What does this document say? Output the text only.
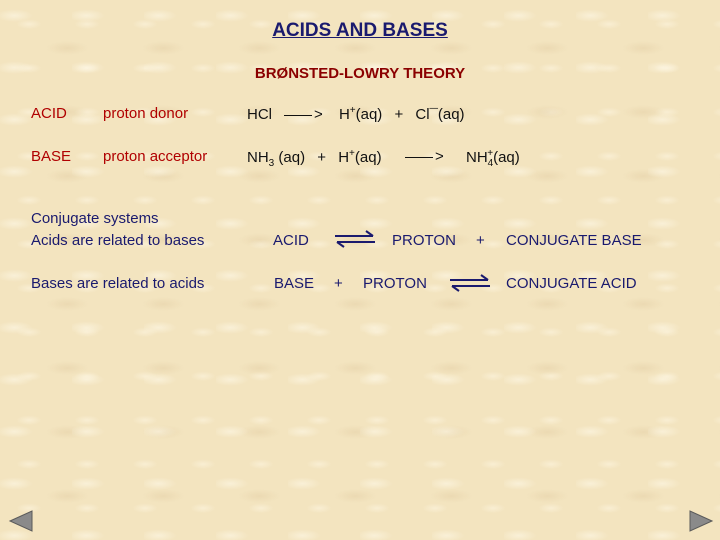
ACIDS AND BASES
BRØNSTED-LOWRY THEORY
ACID proton donor
BASE proton acceptor
HCl	> H+(aq) + Cl¯(aq)
$NH_3$ (aq) + H+(aq)	> $NH_4^+(aq)$
Conjugate systems
Acids are related to bases
Bases are related to acids
ACID ⇌ PROTON + CONJUGATE BASE
BASE + PROTON ⇌ CONJUGATE ACID
